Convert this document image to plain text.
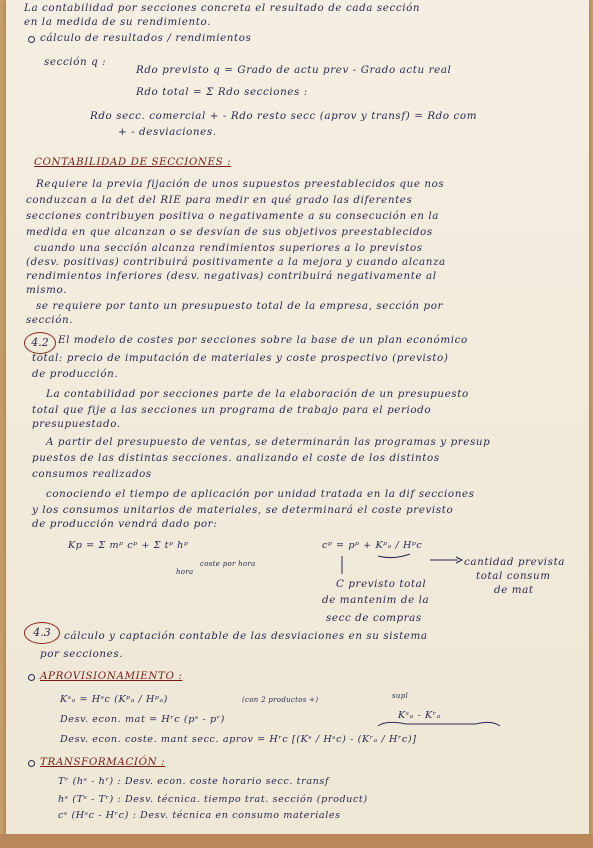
La contabilidad por secciones concreta el resultado de cada sección
en la medida de su rendimiento.
cálculo de resultados / rendimientos
sección q :
Rdo previsto q = Grado de actu prev - Grado actu real
Rdo total = Σ Rdo secciones :
Rdo secc. comercial + - Rdo resto secc (aprov y transf) = Rdo com
+ - desviaciones.
CONTABILIDAD DE SECCIONES :
Requiere la previa fijación de unos supuestos preestablecidos que nos
conduzcan a la det del RIE para medir en qué grado las diferentes
secciones contribuyen positiva o negativamente a su consecución en la
medida en que alcanzan o se desvían de sus objetivos preestablecidos
cuando una sección alcanza rendimientos superiores a lo previstos
(desv. positivas) contribuirá positivamente a la mejora y cuando alcanza
rendimientos inferiores (desv. negativas) contribuirá negativamente al
mismo.
se requiere por tanto un presupuesto total de la empresa, sección por
sección.
4.2 El modelo de costes por secciones sobre la base de un plan económico
total: precio de imputación de materiales y coste prospectivo (previsto)
de producción.
La contabilidad por secciones parte de la elaboración de un presupuesto
total que fije a las secciones un programa de trabajo para el periodo
presupuestado.
A partir del presupuesto de ventas, se determinarán las programas y presup
puestos de las distintas secciones. analizando el coste de los distintos
consumos realizados
conociendo el tiempo de aplicación por unidad tratada en la dif secciones
y los consumos unitarios de materiales, se determinará el coste previsto
de producción vendrá dado por:
Kp = Σ mᵖ cᵖ + Σ tᵖ hᵖ
hora
coste por hora
cᵖ = pᵖ + Kᵖₐ / Hᵖc
cantidad prevista
total consum
de mat
C previsto total
de mantenim de la
secc de compras
4.3	cálculo y captación contable de las desviaciones en su sistema
por secciones.
APROVISIONAMIENTO :
Kˢₐ = Hˢc (Kᵖₐ / Hᵖₐ)	(con 2 productos +)	supl
Desv. econ. mat = Hʳc (pˢ - pʳ)	Kˢₐ - Kʳₐ
Desv. econ. coste. mant secc. aprov = Hʳc [(Kˢ / Hˢc) - (Kʳₐ / Hʳc)]
TRANSFORMACIÓN :
Tʳ (hˢ - hʳ) : Desv. econ. coste horario secc. transf
hˢ (Tˢ - Tʳ) : Desv. técnica. tiempo trat. sección (product)
cˢ (Hˢc - Hʳc) : Desv. técnica en consumo materiales
